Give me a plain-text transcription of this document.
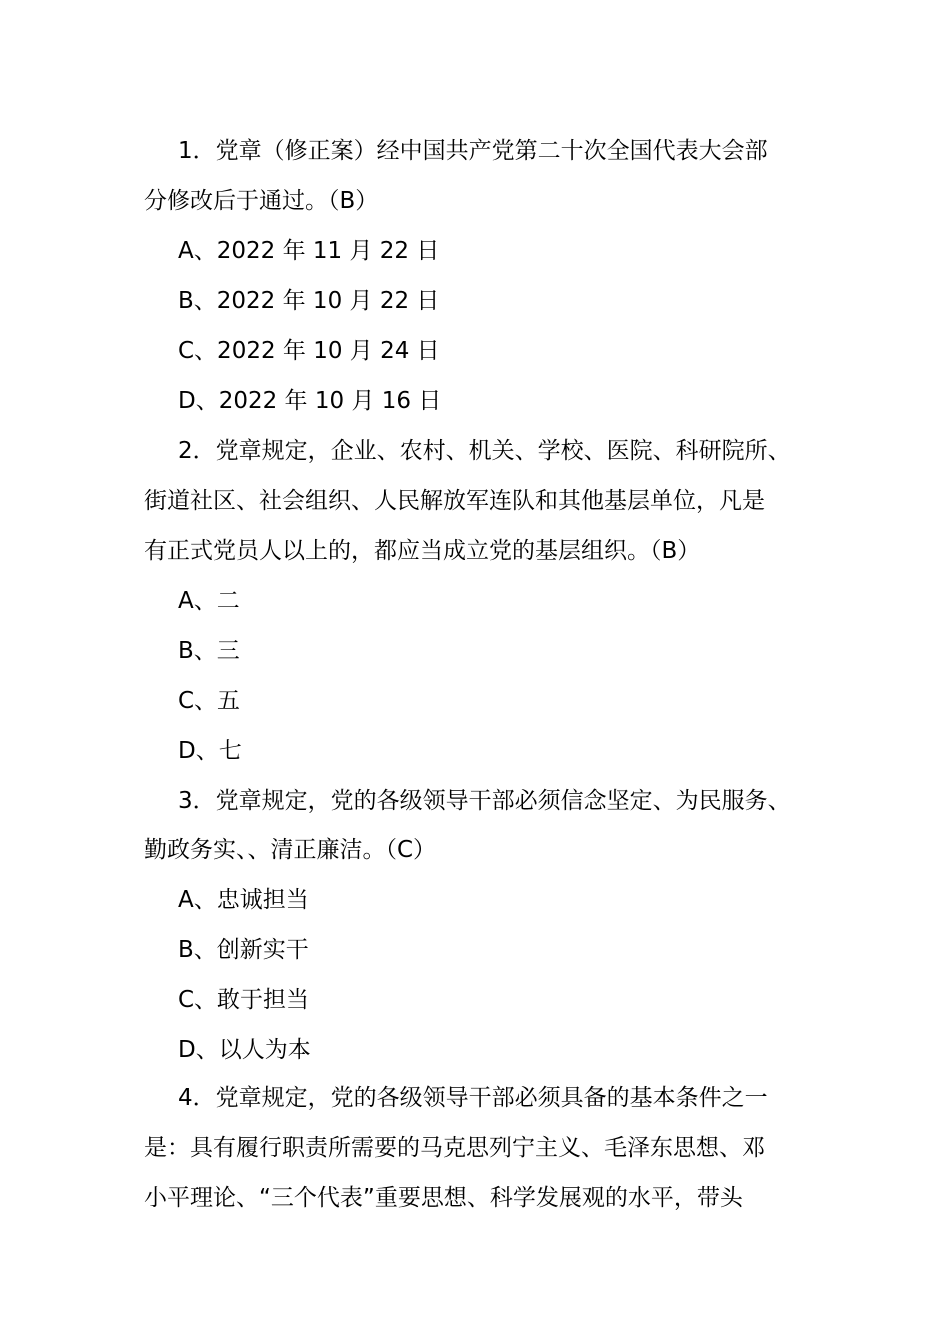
1．党章（修正案）经中国共产党第二十次全国代表大会部
分修改后于通过。（B）
A、2022 年 11 月 22 日
B、2022 年 10 月 22 日
C、2022 年 10 月 24 日
D、2022 年 10 月 16 日
2．党章规定，企业、农村、机关、学校、医院、科研院所、
街道社区、社会组织、人民解放军连队和其他基层单位，凡是
有正式党员人以上的，都应当成立党的基层组织。（B）
A、二
B、三
C、五
D、七
3．党章规定，党的各级领导干部必须信念坚定、为民服务、
勤政务实、、清正廉洁。（C）
A、忠诚担当
B、创新实干
C、敢于担当
D、以人为本
4．党章规定，党的各级领导干部必须具备的基本条件之一
是：具有履行职责所需要的马克思列宁主义、毛泽东思想、邓
小平理论、“三个代表”重要思想、科学发展观的水平，带头
